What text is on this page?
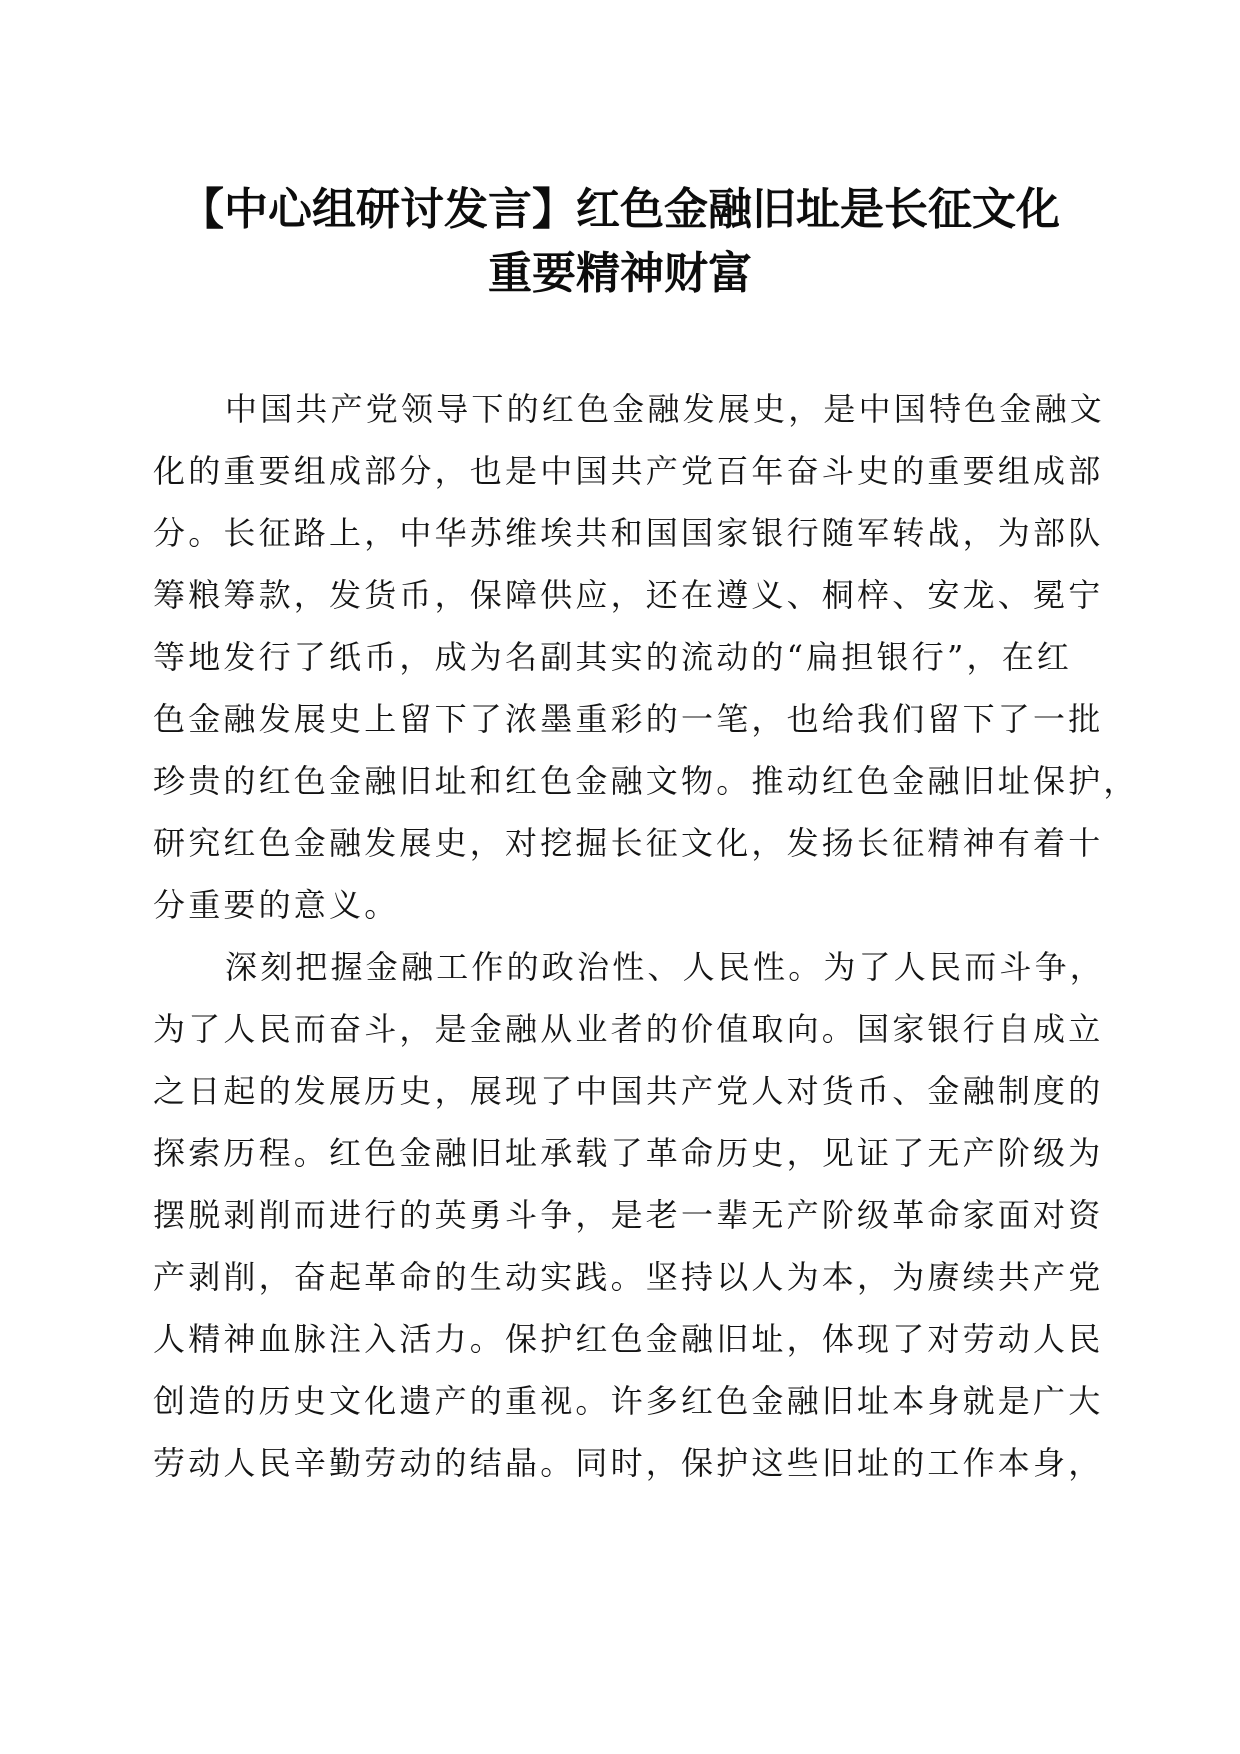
【中心组研讨发言】红色金融旧址是长征文化
重要精神财富
中国共产党领导下的红色金融发展史，是中国特色金融文
化的重要组成部分，也是中国共产党百年奋斗史的重要组成部
分。长征路上，中华苏维埃共和国国家银行随军转战，为部队
筹粮筹款，发货币，保障供应，还在遵义、桐梓、安龙、冕宁
等地发行了纸币，成为名副其实的流动的“扁担银行”，在红
色金融发展史上留下了浓墨重彩的一笔，也给我们留下了一批
珍贵的红色金融旧址和红色金融文物。推动红色金融旧址保护，
研究红色金融发展史，对挖掘长征文化，发扬长征精神有着十
分重要的意义。
深刻把握金融工作的政治性、人民性。为了人民而斗争，
为了人民而奋斗，是金融从业者的价值取向。国家银行自成立
之日起的发展历史，展现了中国共产党人对货币、金融制度的
探索历程。红色金融旧址承载了革命历史，见证了无产阶级为
摆脱剥削而进行的英勇斗争，是老一辈无产阶级革命家面对资
产剥削，奋起革命的生动实践。坚持以人为本，为赓续共产党
人精神血脉注入活力。保护红色金融旧址，体现了对劳动人民
创造的历史文化遗产的重视。许多红色金融旧址本身就是广大
劳动人民辛勤劳动的结晶。同时，保护这些旧址的工作本身，
